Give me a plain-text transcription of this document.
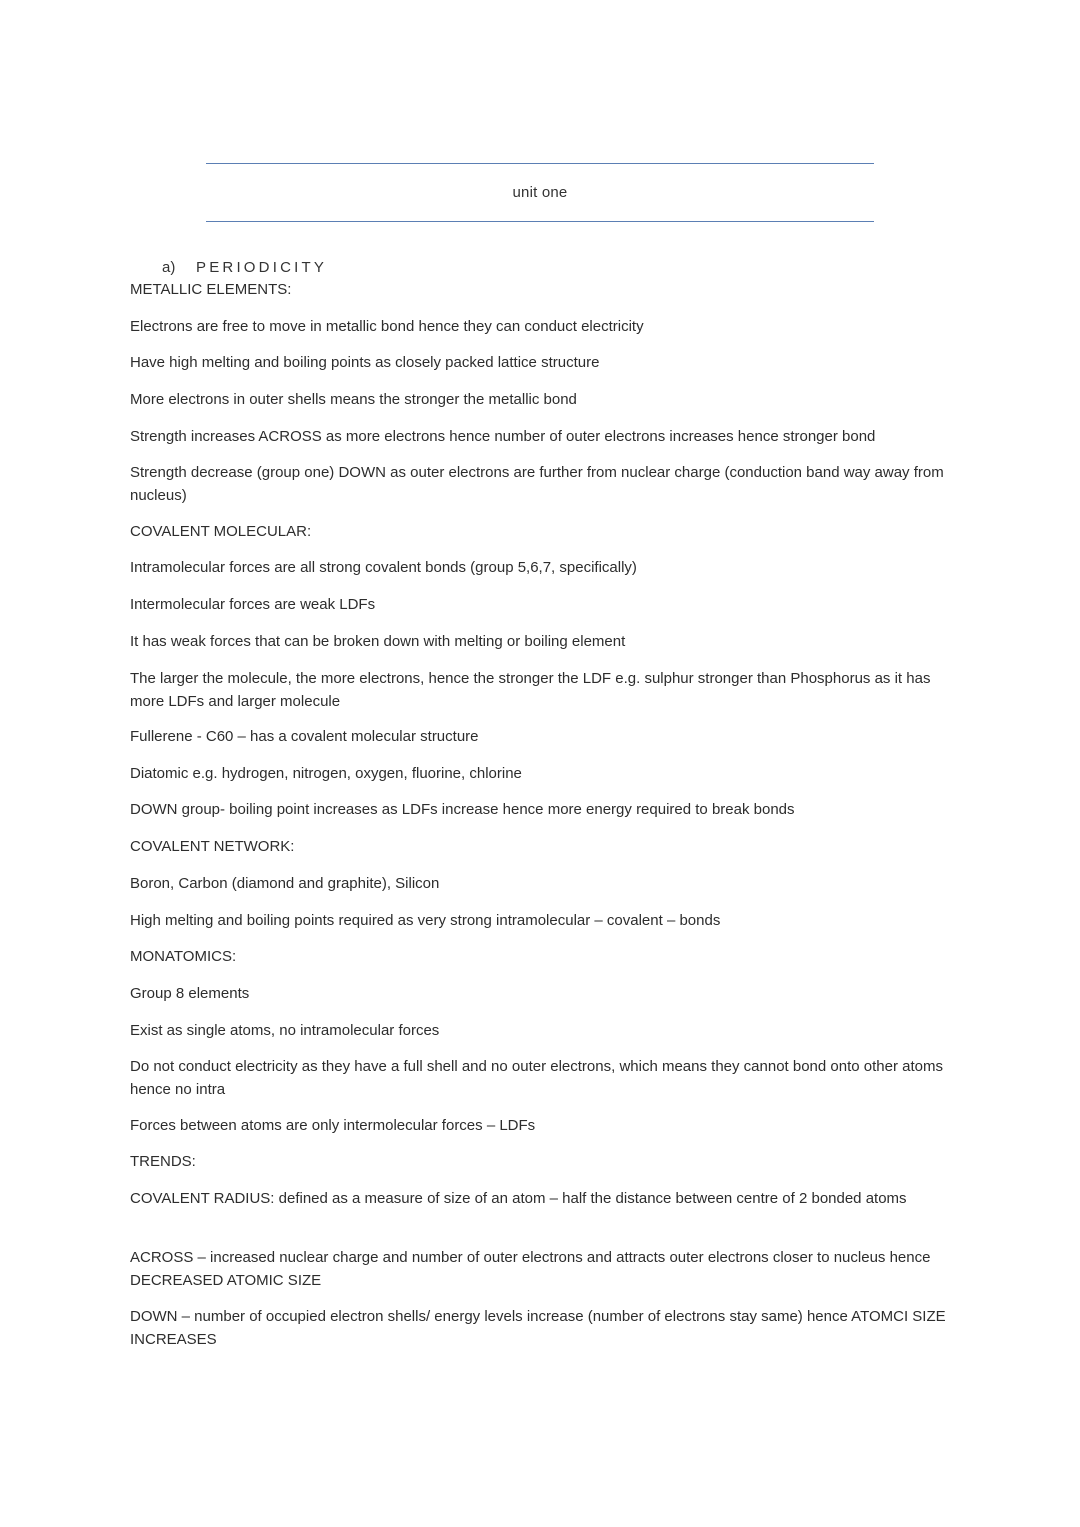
unit one
a) PERIODICITY

METALLIC ELEMENTS:

Electrons are free to move in metallic bond hence they can conduct electricity

Have high melting and boiling points as closely packed lattice structure

More electrons in outer shells means the stronger the metallic bond

Strength increases ACROSS as more electrons hence number of outer electrons increases hence stronger bond

Strength decrease (group one) DOWN as outer electrons are further from nuclear charge (conduction band way away from nucleus)

COVALENT MOLECULAR:

Intramolecular forces are all strong covalent bonds (group 5,6,7, specifically)

Intermolecular forces are weak LDFs

It has weak forces that can be broken down with melting or boiling element

The larger the molecule, the more electrons, hence the stronger the LDF e.g. sulphur stronger than Phosphorus as it has more LDFs and larger molecule

Fullerene - C60 – has a covalent molecular structure

Diatomic e.g. hydrogen, nitrogen, oxygen, fluorine, chlorine

DOWN group- boiling point increases as LDFs increase hence more energy required to break bonds

COVALENT NETWORK:

Boron, Carbon (diamond and graphite), Silicon

High melting and boiling points required as very strong intramolecular – covalent – bonds

MONATOMICS:

Group 8 elements

Exist as single atoms, no intramolecular forces

Do not conduct electricity as they have a full shell and no outer electrons, which means they cannot bond onto other atoms hence no intra

Forces between atoms are only intermolecular forces – LDFs

TRENDS:

COVALENT RADIUS: defined as a measure of size of an atom – half the distance between centre of 2 bonded atoms

ACROSS – increased nuclear charge and number of outer electrons and attracts outer electrons closer to nucleus hence DECREASED ATOMIC SIZE

DOWN – number of occupied electron shells/ energy levels increase (number of electrons stay same) hence ATOMCI SIZE INCREASES
